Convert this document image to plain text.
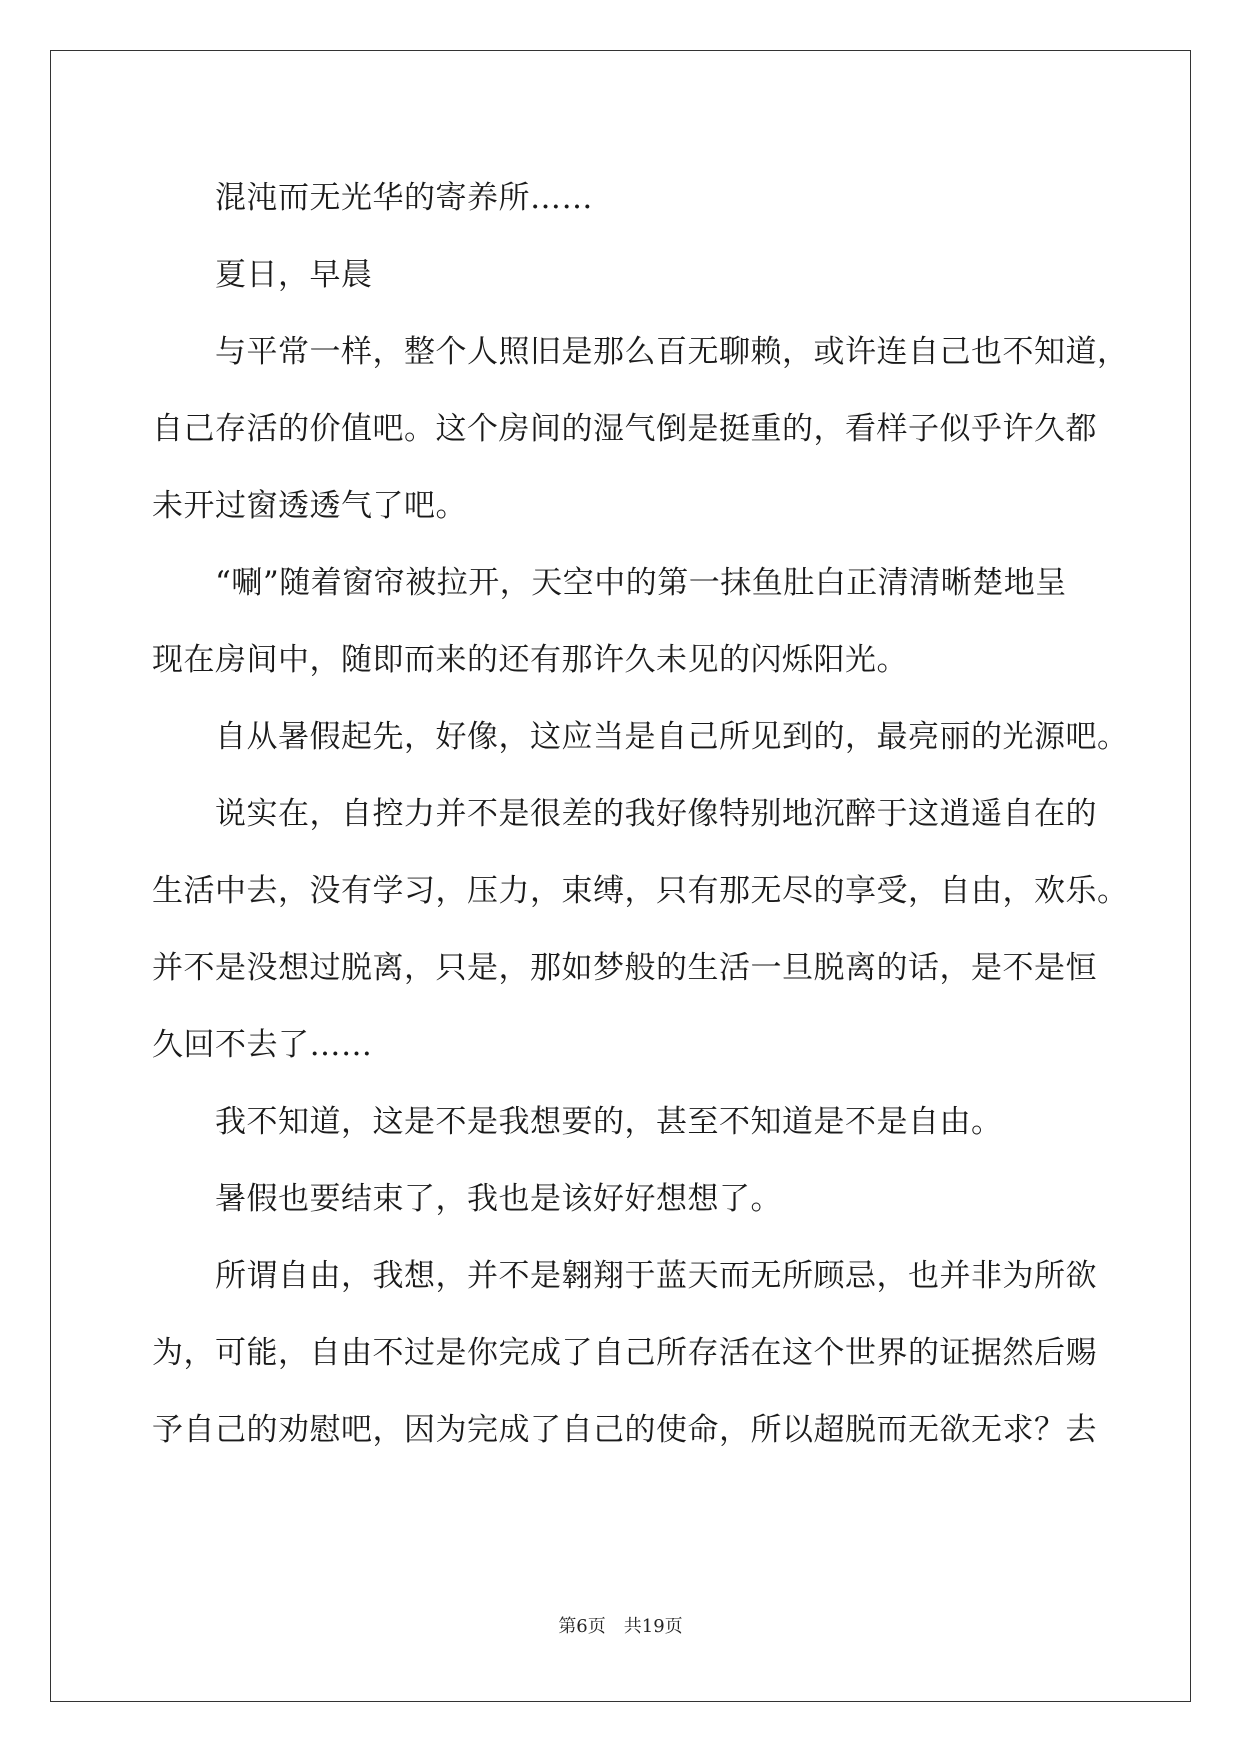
混沌而无光华的寄养所……
夏日，早晨
与平常一样，整个人照旧是那么百无聊赖，或许连自己也不知道，
自己存活的价值吧。这个房间的湿气倒是挺重的，看样子似乎许久都
未开过窗透透气了吧。
“唰”随着窗帘被拉开，天空中的第一抹鱼肚白正清清晰楚地呈
现在房间中，随即而来的还有那许久未见的闪烁阳光。
自从暑假起先，好像，这应当是自己所见到的，最亮丽的光源吧。
说实在，自控力并不是很差的我好像特别地沉醉于这逍遥自在的
生活中去，没有学习，压力，束缚，只有那无尽的享受，自由，欢乐。
并不是没想过脱离，只是，那如梦般的生活一旦脱离的话，是不是恒
久回不去了……
我不知道，这是不是我想要的，甚至不知道是不是自由。
暑假也要结束了，我也是该好好想想了。
所谓自由，我想，并不是翱翔于蓝天而无所顾忌，也并非为所欲
为，可能，自由不过是你完成了自己所存活在这个世界的证据然后赐
予自己的劝慰吧，因为完成了自己的使命，所以超脱而无欲无求？去
第6页　共19页
